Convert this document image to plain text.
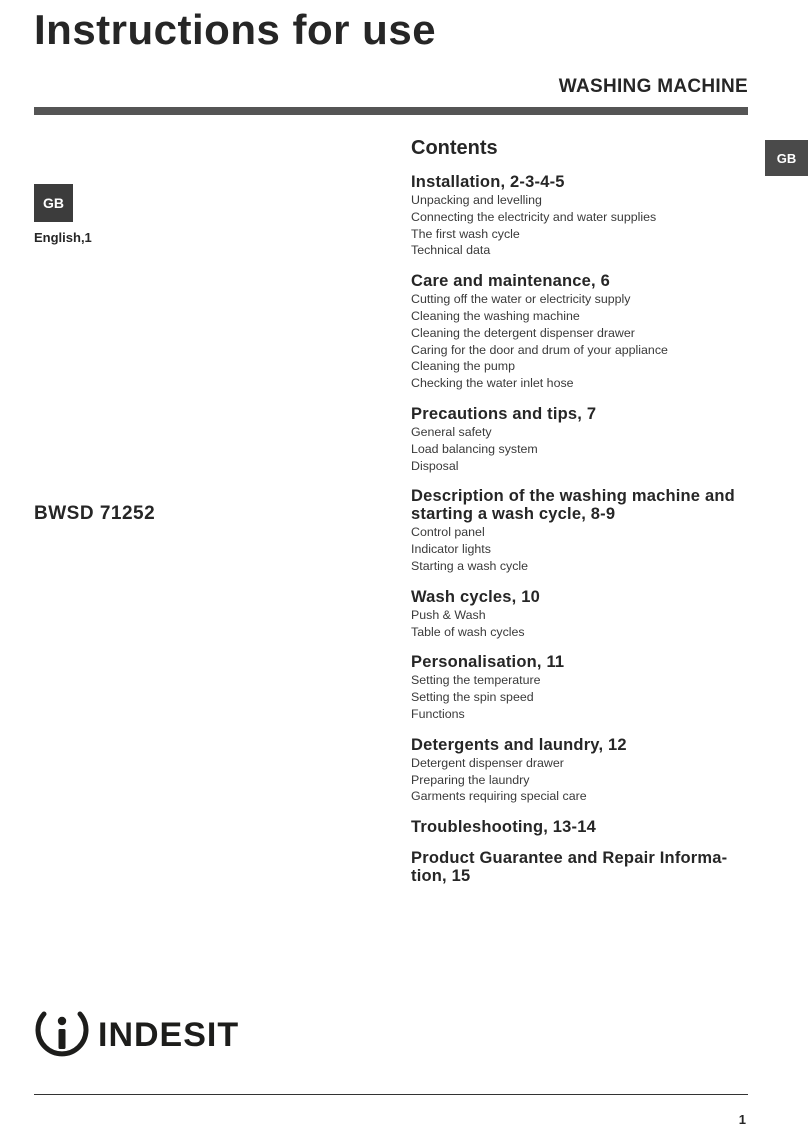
Instructions for use
WASHING MACHINE
GB
GB
English,1
BWSD 71252
Contents
Installation, 2-3-4-5
Unpacking and levelling
Connecting the electricity and water supplies
The first wash cycle
Technical data
Care and maintenance, 6
Cutting off the water or electricity supply
Cleaning the washing machine
Cleaning the detergent dispenser drawer
Caring for the door and drum of your appliance
Cleaning the pump
Checking the water inlet hose
Precautions and tips, 7
General safety
Load balancing system
Disposal
Description of the washing machine and starting a wash cycle, 8-9
Control panel
Indicator lights
Starting a wash cycle
Wash cycles, 10
Push & Wash
Table of wash cycles
Personalisation, 11
Setting the temperature
Setting the spin speed
Functions
Detergents and laundry, 12
Detergent dispenser drawer
Preparing the laundry
Garments requiring special care
Troubleshooting, 13-14
Product Guarantee and Repair Informa-tion, 15
INDESIT
1
